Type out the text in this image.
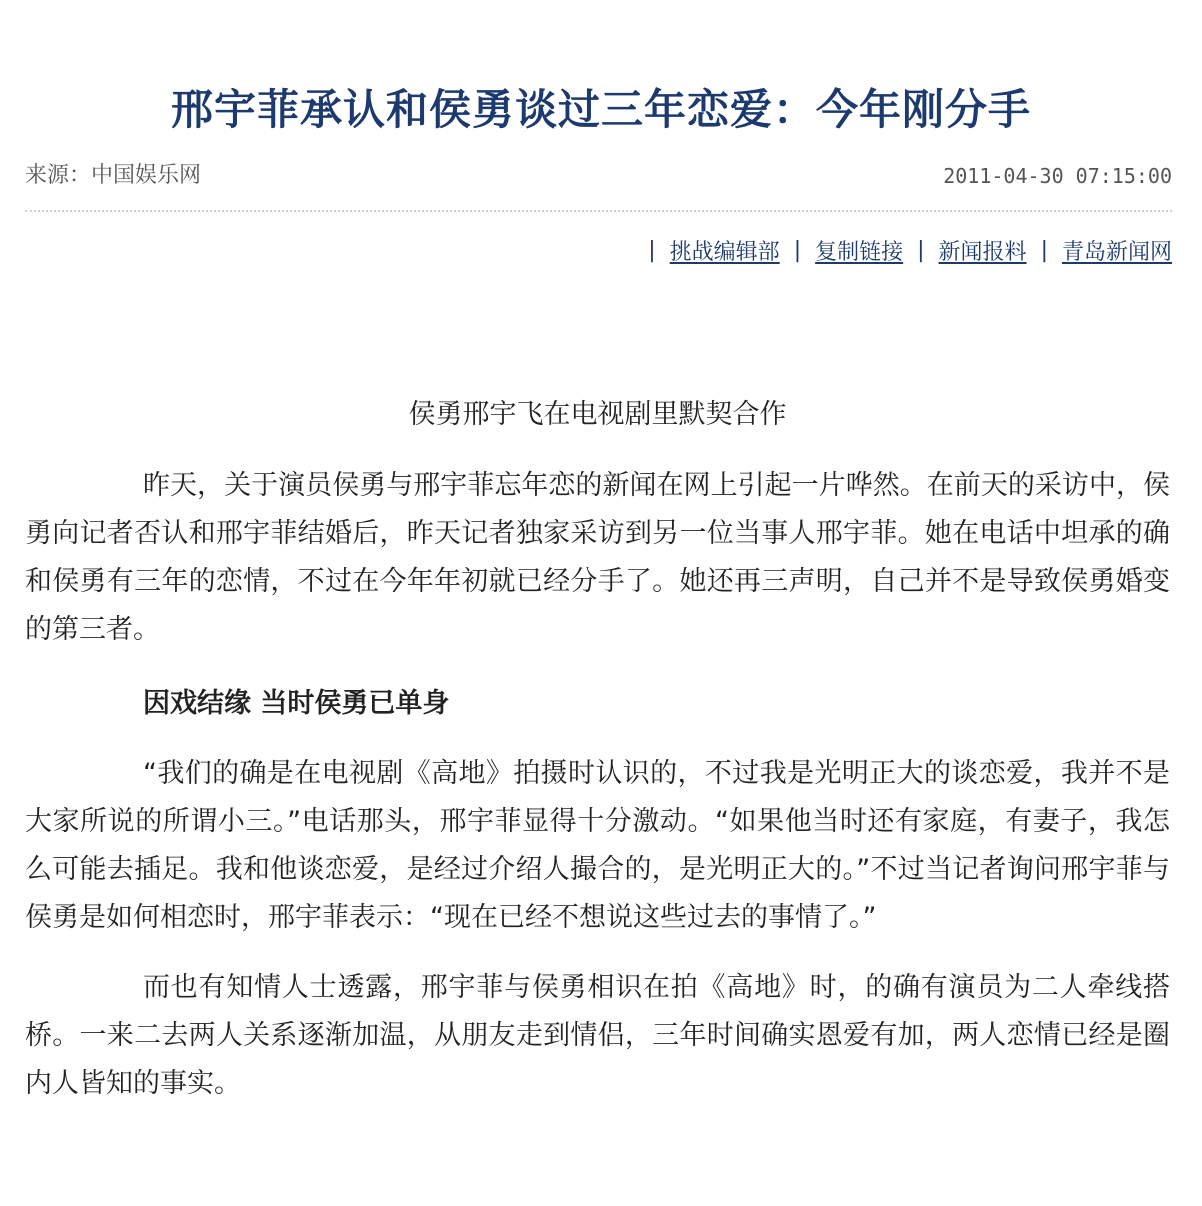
邢宇菲承认和侯勇谈过三年恋爱：今年刚分手
来源：中国娱乐网	2011-04-30 07:15:00
| 挑战编辑部 | 复制链接 | 新闻报料 | 青岛新闻网

侯勇邢宇飞在电视剧里默契合作

昨天，关于演员侯勇与邢宇菲忘年恋的新闻在网上引起一片哗然。在前天的采访中，侯勇向记者否认和邢宇菲结婚后，昨天记者独家采访到另一位当事人邢宇菲。她在电话中坦承的确和侯勇有三年的恋情，不过在今年年初就已经分手了。她还再三声明，自己并不是导致侯勇婚变的第三者。

因戏结缘 当时侯勇已单身

“我们的确是在电视剧《高地》拍摄时认识的，不过我是光明正大的谈恋爱，我并不是大家所说的所谓小三。”电话那头，邢宇菲显得十分激动。“如果他当时还有家庭，有妻子，我怎么可能去插足。我和他谈恋爱，是经过介绍人撮合的，是光明正大的。”不过当记者询问邢宇菲与侯勇是如何相恋时，邢宇菲表示：“现在已经不想说这些过去的事情了。”

而也有知情人士透露，邢宇菲与侯勇相识在拍《高地》时，的确有演员为二人牵线搭桥。一来二去两人关系逐渐加温，从朋友走到情侣，三年时间确实恩爱有加，两人恋情已经是圈内人皆知的事实。
